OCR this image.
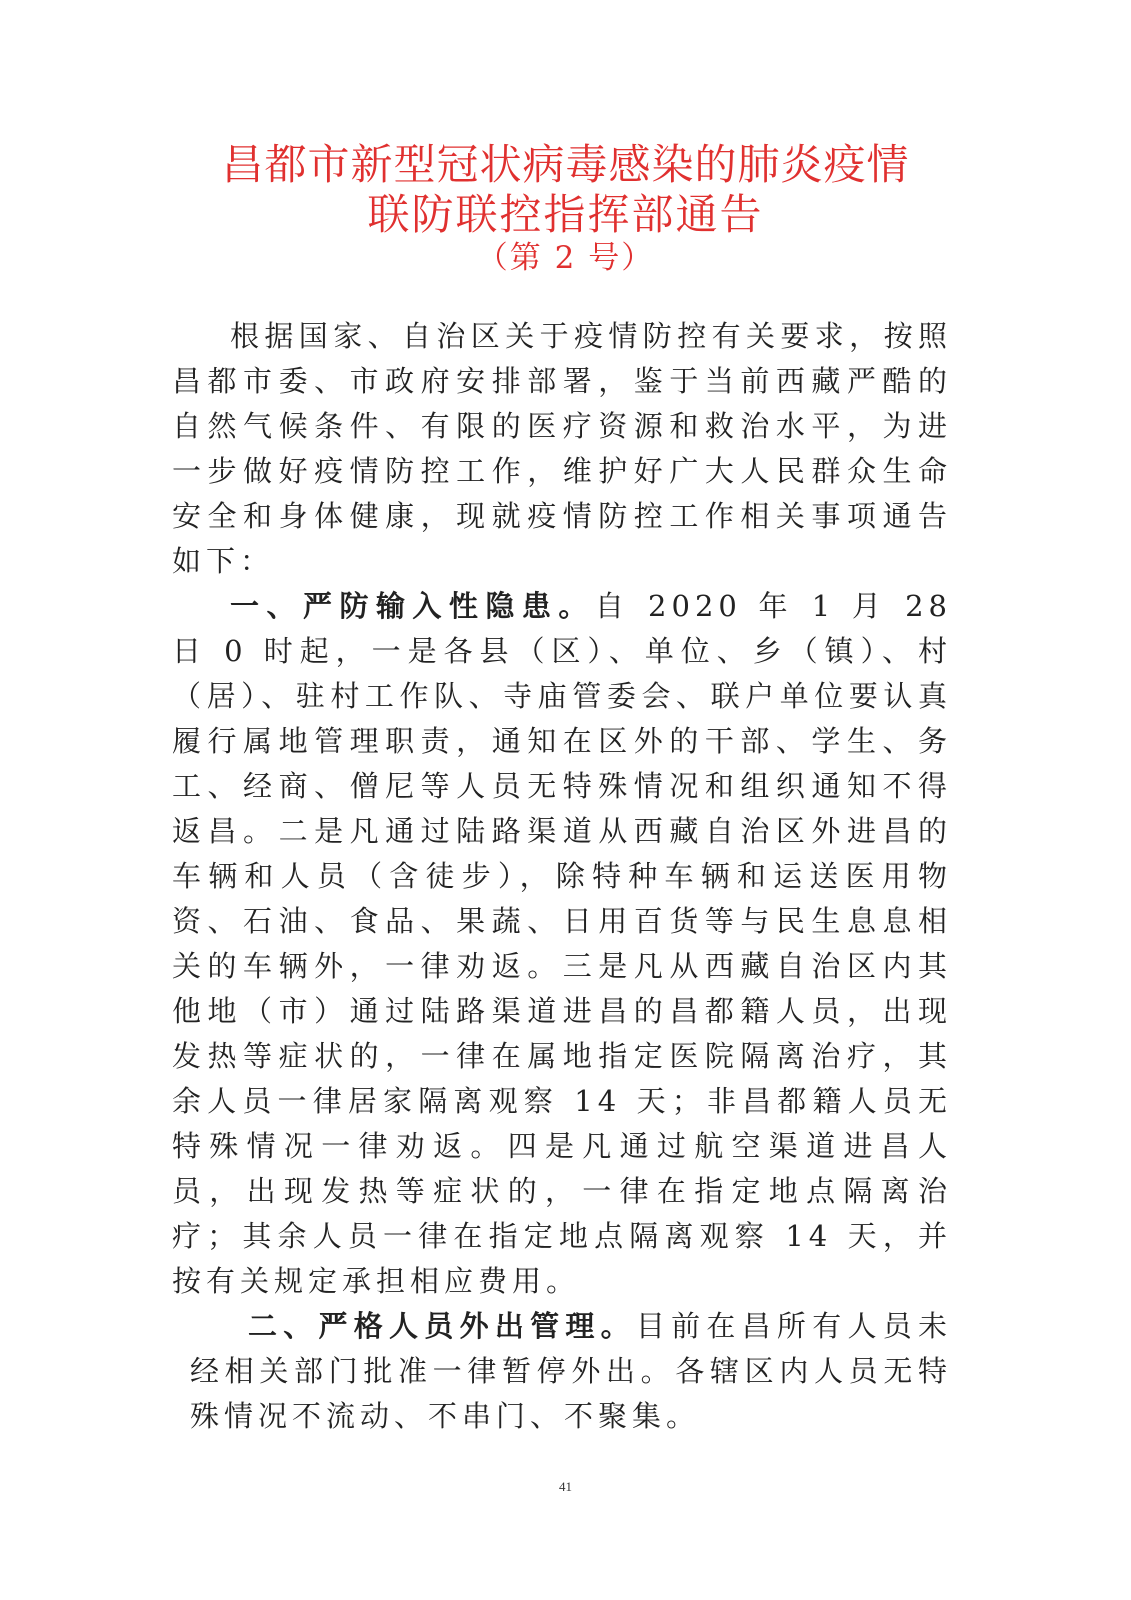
昌都市新型冠状病毒感染的肺炎疫情
联防联控指挥部通告
（第 2 号）

根据国家、自治区关于疫情防控有关要求，按照昌都市委、市政府安排部署，鉴于当前西藏严酷的自然气候条件、有限的医疗资源和救治水平，为进一步做好疫情防控工作，维护好广大人民群众生命安全和身体健康，现就疫情防控工作相关事项通告如下：

一、严防输入性隐患。自 2020 年 1 月 28 日 0 时起，一是各县（区）、单位、乡（镇）、村（居）、驻村工作队、寺庙管委会、联户单位要认真履行属地管理职责，通知在区外的干部、学生、务工、经商、僧尼等人员无特殊情况和组织通知不得返昌。二是凡通过陆路渠道从西藏自治区外进昌的车辆和人员（含徒步），除特种车辆和运送医用物资、石油、食品、果蔬、日用百货等与民生息息相关的车辆外，一律劝返。三是凡从西藏自治区内其他地（市）通过陆路渠道进昌的昌都籍人员，出现发热等症状的，一律在属地指定医院隔离治疗，其余人员一律居家隔离观察 14 天；非昌都籍人员无特殊情况一律劝返。四是凡通过航空渠道进昌人员，出现发热等症状的，一律在指定地点隔离治疗；其余人员一律在指定地点隔离观察 14 天，并按有关规定承担相应费用。

二、严格人员外出管理。目前在昌所有人员未经相关部门批准一律暂停外出。各辖区内人员无特殊情况不流动、不串门、不聚集。

41
